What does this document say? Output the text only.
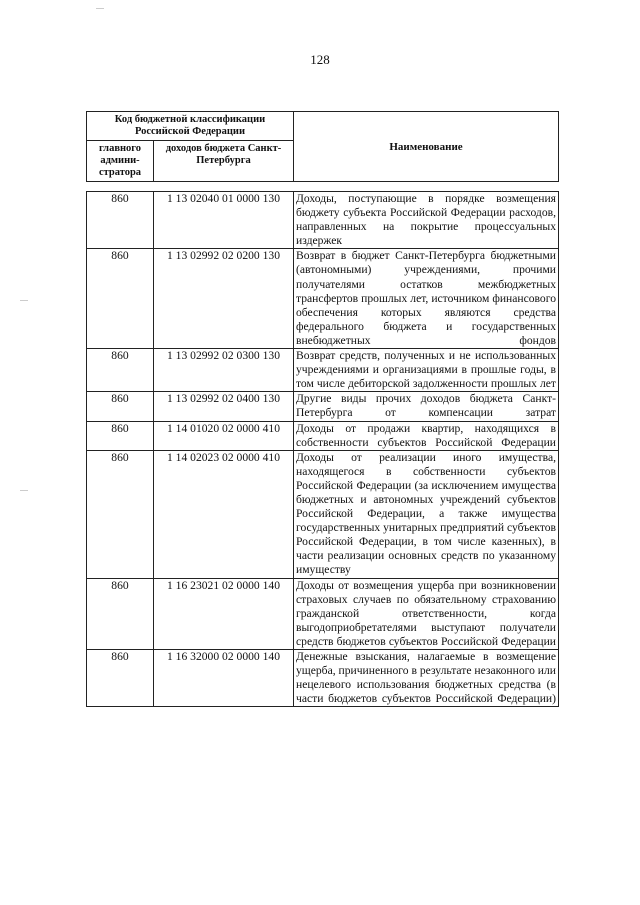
128
Код бюджетной классификации Российской Федерации		Наименование
главного админи-стратора	доходов бюджета Санкт-Петербурга	
860	1 13 02040 01 0000 130	Доходы, поступающие в порядке возмещения бюджету субъекта Российской Федерации расходов, направленных на покрытие процессуальных издержек
860	1 13 02992 02 0200 130	Возврат в бюджет Санкт-Петербурга бюджетными (автономными) учреждениями, прочими получателями остатков межбюджетных трансфертов прошлых лет, источником финансового обеспечения которых являются средства федерального бюджета и государственных внебюджетных фондов
860	1 13 02992 02 0300 130	Возврат средств, полученных и не использованных учреждениями и организациями в прошлые годы, в том числе дебиторской задолженности прошлых лет
860	1 13 02992 02 0400 130	Другие виды прочих доходов бюджета Санкт-Петербурга от компенсации затрат
860	1 14 01020 02 0000 410	Доходы от продажи квартир, находящихся в собственности субъектов Российской Федерации
860	1 14 02023 02 0000 410	Доходы от реализации иного имущества, находящегося в собственности субъектов Российской Федерации (за исключением имущества бюджетных и автономных учреждений субъектов Российской Федерации, а также имущества государственных унитарных предприятий субъектов Российской Федерации, в том числе казенных), в части реализации основных средств по указанному имуществу
860	1 16 23021 02 0000 140	Доходы от возмещения ущерба при возникновении страховых случаев по обязательному страхованию гражданской ответственности, когда выгодоприобретателями выступают получатели средств бюджетов субъектов Российской Федерации
860	1 16 32000 02 0000 140	Денежные взыскания, налагаемые в возмещение ущерба, причиненного в результате незаконного или нецелевого использования бюджетных средства (в части бюджетов субъектов Российской Федерации)
